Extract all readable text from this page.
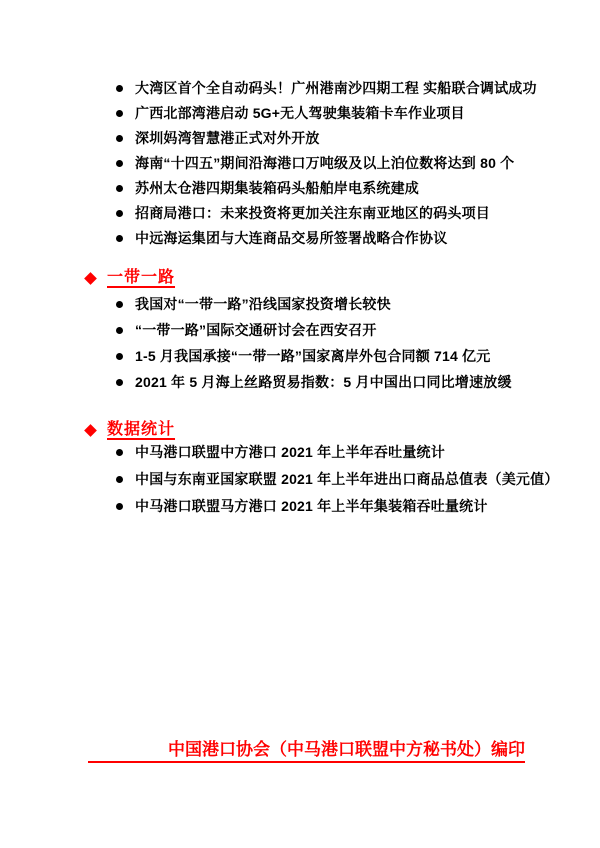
大湾区首个全自动码头！广州港南沙四期工程 实船联合调试成功
广西北部湾港启动 5G+无人驾驶集装箱卡车作业项目
深圳妈湾智慧港正式对外开放
海南“十四五”期间沿海港口万吨级及以上泊位数将达到 80 个
苏州太仓港四期集装箱码头船舶岸电系统建成
招商局港口：未来投资将更加关注东南亚地区的码头项目
中远海运集团与大连商品交易所签署战略合作协议
一带一路
我国对“一带一路”沿线国家投资增长较快
“一带一路”国际交通研讨会在西安召开
1-5 月我国承接“一带一路”国家离岸外包合同额 714 亿元
2021 年 5 月海上丝路贸易指数：5 月中国出口同比增速放缓
数据统计
中马港口联盟中方港口 2021 年上半年吞吐量统计
中国与东南亚国家联盟 2021 年上半年进出口商品总值表（美元值）
中马港口联盟马方港口 2021 年上半年集装箱吞吐量统计
中国港口协会（中马港口联盟中方秘书处）编印
